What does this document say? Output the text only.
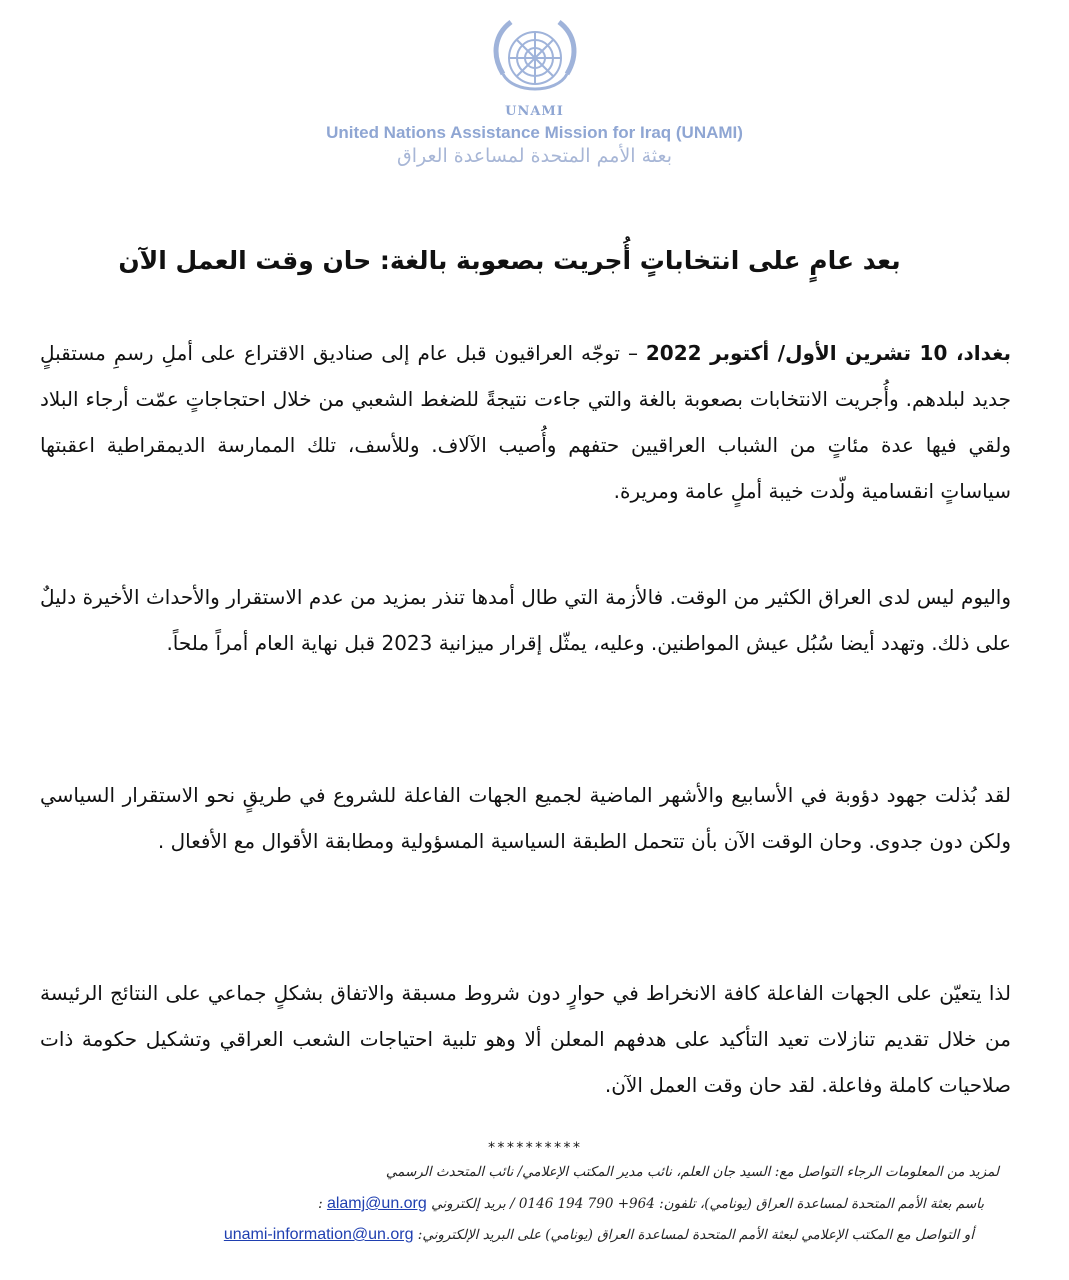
UNAMI
United Nations Assistance Mission for Iraq (UNAMI)
بعثة الأمم المتحدة لمساعدة العراق
بعد عامٍ على انتخاباتٍ أُجريت بصعوبة بالغة: حان وقت العمل الآن
بغداد، 10 تشرين الأول/ أكتوبر 2022 – توجّه العراقيون قبل عام إلى صناديق الاقتراع على أملِ رسمِ مستقبلٍ جديد لبلدهم. وأُجريت الانتخابات بصعوبة بالغة والتي جاءت نتيجةً للضغط الشعبي من خلال احتجاجاتٍ عمّت أرجاء البلاد ولقي فيها عدة مئاتٍ من الشباب العراقيين حتفهم وأُصيب الآلاف. وللأسف، تلك الممارسة الديمقراطية اعقبتها سياساتٍ انقسامية ولّدت خيبة أملٍ عامة ومريرة.
واليوم ليس لدى العراق الكثير من الوقت. فالأزمة التي طال أمدها تنذر بمزيد من عدم الاستقرار والأحداث الأخيرة دليلٌ على ذلك. وتهدد أيضا سُبُل عيش المواطنين. وعليه، يمثّل إقرار ميزانية 2023 قبل نهاية العام أمراً ملحاً.
لقد بُذلت جهود دؤوبة في الأسابيع والأشهر الماضية لجميع الجهات الفاعلة للشروع في طريقٍ نحو الاستقرار السياسي ولكن دون جدوى. وحان الوقت الآن بأن تتحمل الطبقة السياسية المسؤولية ومطابقة الأقوال مع الأفعال .
لذا يتعيّن على الجهات الفاعلة كافة الانخراط في حوارٍ دون شروط مسبقة والاتفاق بشكلٍ جماعي على النتائج الرئيسة من خلال تقديم تنازلات تعيد التأكيد على هدفهم المعلن ألا وهو تلبية احتياجات الشعب العراقي وتشكيل حكومة ذات صلاحيات كاملة وفاعلة. لقد حان وقت العمل الآن.
**********
لمزيد من المعلومات الرجاء التواصل مع: السيد جان العلم، نائب مدير المكتب الإعلامي/ نائب المتحدث الرسمي
باسم بعثة الأمم المتحدة لمساعدة العراق (يونامي)، تلفون: 964+ 790 194 0146 / بريد إلكتروني alamj@un.org :
أو التواصل مع المكتب الإعلامي لبعثة الأمم المتحدة لمساعدة العراق (يونامي) على البريد الإلكتروني: unami-information@un.org
